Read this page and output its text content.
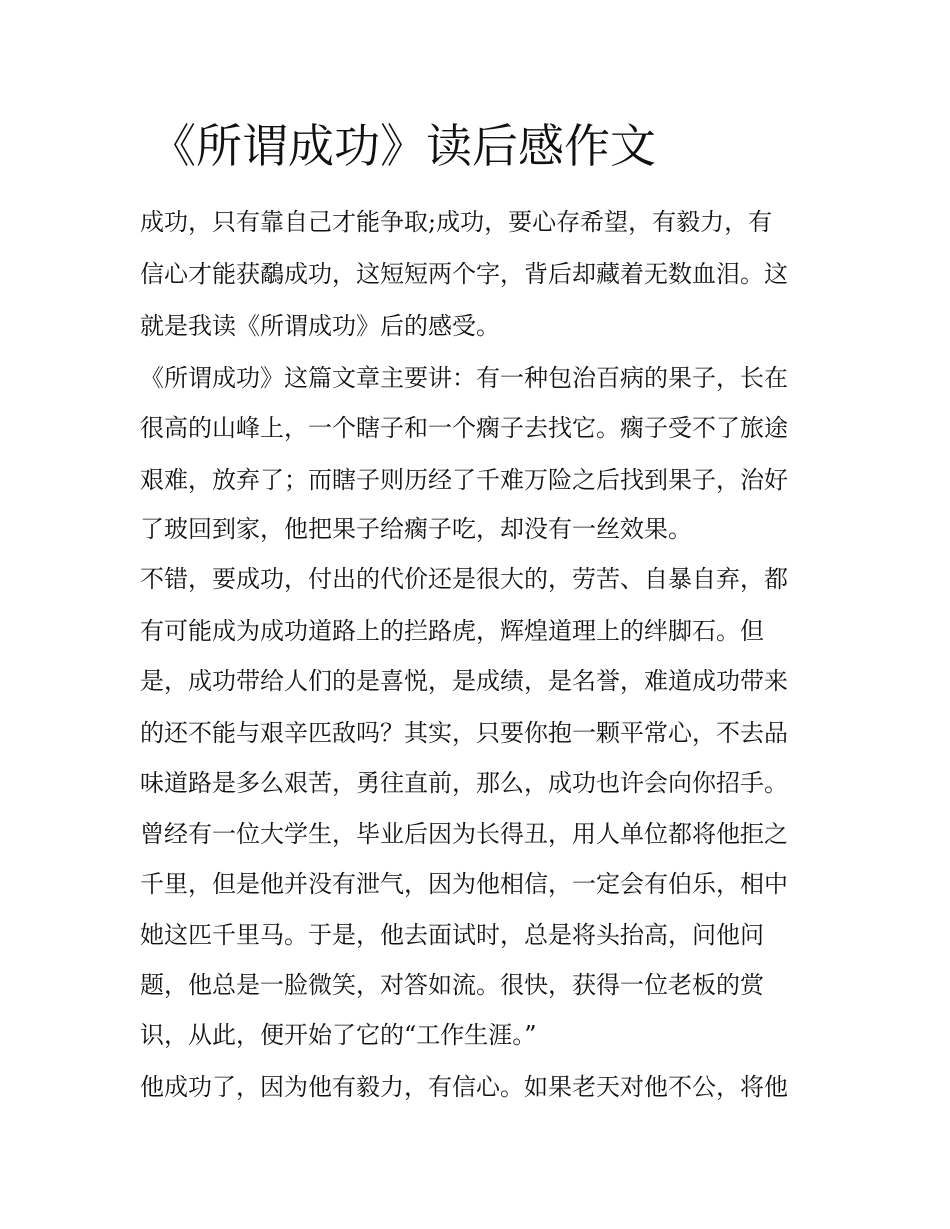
《所谓成功》读后感作文
成功，只有靠自己才能争取;成功，要心存希望，有毅力，有
信心才能获鷸成功，这短短两个字，背后却藏着无数血泪。这
就是我读《所谓成功》后的感受。
《所谓成功》这篇文章主要讲：有一种包治百病的果子，长在
很高的山峰上，一个瞎子和一个瘸子去找它。瘸子受不了旅途
艰难，放弃了；而瞎子则历经了千难万险之后找到果子，治好
了玻回到家，他把果子给瘸子吃，却没有一丝效果。
不错，要成功，付出的代价还是很大的，劳苦、自暴自弃，都
有可能成为成功道路上的拦路虎，辉煌道理上的绊脚石。但
是，成功带给人们的是喜悦，是成绩，是名誉，难道成功带来
的还不能与艰辛匹敌吗？其实，只要你抱一颗平常心，不去品
味道路是多么艰苦，勇往直前，那么，成功也许会向你招手。
曾经有一位大学生，毕业后因为长得丑，用人单位都将他拒之
千里，但是他并没有泄气，因为他相信，一定会有伯乐，相中
她这匹千里马。于是，他去面试时，总是将头抬高，问他问
题，他总是一脸微笑，对答如流。很快，获得一位老板的赏
识，从此，便开始了它的“工作生涯。”
他成功了，因为他有毅力，有信心。如果老天对他不公，将他
